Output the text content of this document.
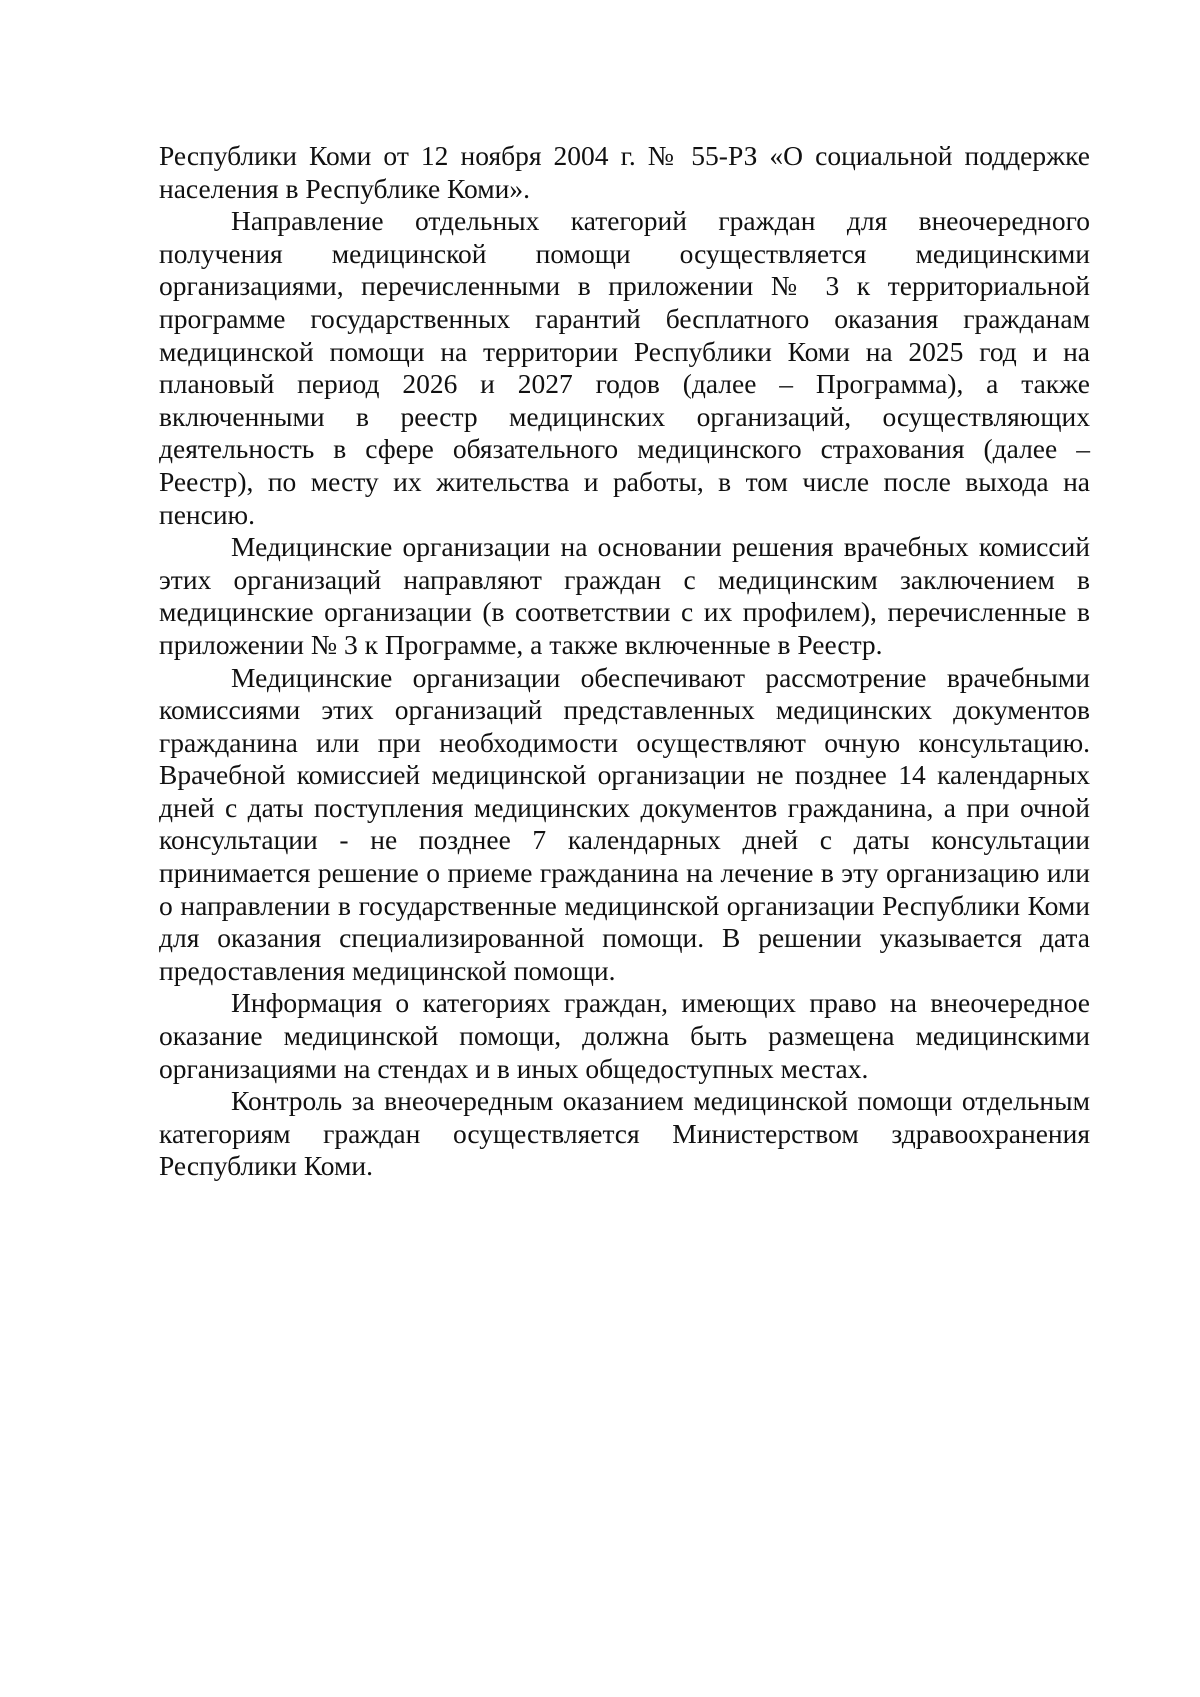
Республики Коми от 12 ноября 2004 г. № 55-РЗ «О социальной поддержке населения в Республике Коми».

Направление отдельных категорий граждан для внеочередного получения медицинской помощи осуществляется медицинскими организациями, перечисленными в приложении № 3 к территориальной программе государственных гарантий бесплатного оказания гражданам медицинской помощи на территории Республики Коми на 2025 год и на плановый период 2026 и 2027 годов (далее – Программа), а также включенными в реестр медицинских организаций, осуществляющих деятельность в сфере обязательного медицинского страхования (далее – Реестр), по месту их жительства и работы, в том числе после выхода на пенсию.

Медицинские организации на основании решения врачебных комиссий этих организаций направляют граждан с медицинским заключением в медицинские организации (в соответствии с их профилем), перечисленные в приложении № 3 к Программе, а также включенные в Реестр.

Медицинские организации обеспечивают рассмотрение врачебными комиссиями этих организаций представленных медицинских документов гражданина или при необходимости осуществляют очную консультацию. Врачебной комиссией медицинской организации не позднее 14 календарных дней с даты поступления медицинских документов гражданина, а при очной консультации - не позднее 7 календарных дней с даты консультации принимается решение о приеме гражданина на лечение в эту организацию или о направлении в государственные медицинской организации Республики Коми для оказания специализированной помощи. В решении указывается дата предоставления медицинской помощи.

Информация о категориях граждан, имеющих право на внеочередное оказание медицинской помощи, должна быть размещена медицинскими организациями на стендах и в иных общедоступных местах.

Контроль за внеочередным оказанием медицинской помощи отдельным категориям граждан осуществляется Министерством здравоохранения Республики Коми.
